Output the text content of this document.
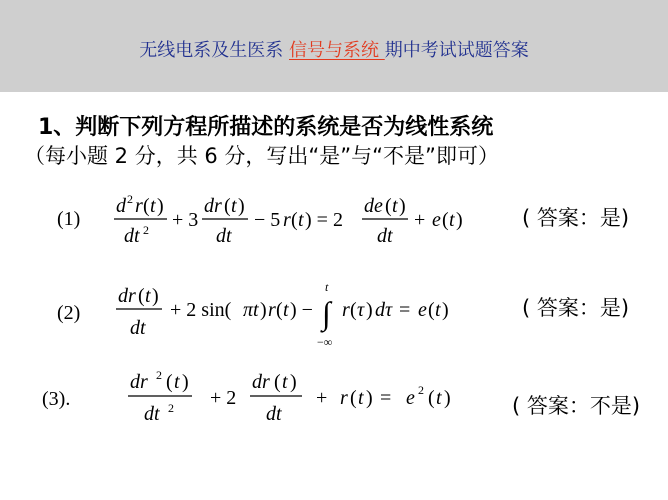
无线电系及生医系 信号与系统 期中考试试题答案
1、判断下列方程所描述的系统是否为线性系统
（每小题 2 分，共 6 分，写出“是”与“不是”即可）
(1)
d 2 r ( t )
dt 2 + 3
dr ( t )
dt
− 5 r ( t ) = 2
de ( t )
dt
+ e ( t )	( 答案：是)
(2)
dr ( t )
dt
+ 2 sin( πt ) r ( t ) −
t
∫
−∞
r ( τ ) dτ = e ( t )	( 答案：是)
(3).
dr 2 ( t )
dt 2 + 2
dr ( t )
dt
+ r ( t ) = e 2 ( t )	( 答案：不是)
